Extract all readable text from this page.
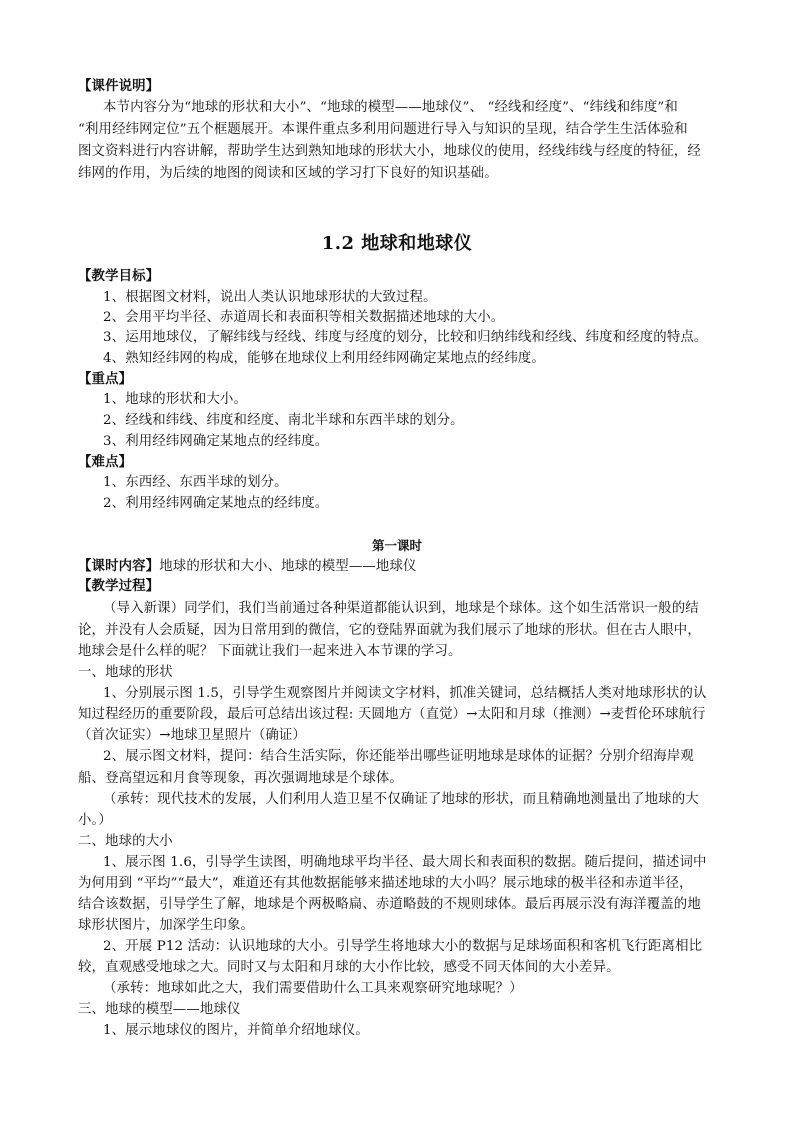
【课件说明】
本节内容分为“地球的形状和大小”、“地球的模型——地球仪”、 “经线和经度”、“纬线和纬度”和
“利用经纬网定位”五个框题展开。本课件重点多利用问题进行导入与知识的呈现，结合学生生活体验和
图文资料进行内容讲解，帮助学生达到熟知地球的形状大小，地球仪的使用，经线纬线与经度的特征，经
纬网的作用，为后续的地图的阅读和区域的学习打下良好的知识基础。
1.2 地球和地球仪
【教学目标】
1、根据图文材料，说出人类认识地球形状的大致过程。
2、会用平均半径、赤道周长和表面积等相关数据描述地球的大小。
3、运用地球仪，了解纬线与经线、纬度与经度的划分，比较和归纳纬线和经线、纬度和经度的特点。
4、熟知经纬网的构成，能够在地球仪上利用经纬网确定某地点的经纬度。
【重点】
1、地球的形状和大小。
2、经线和纬线、纬度和经度、南北半球和东西半球的划分。
3、利用经纬网确定某地点的经纬度。
【难点】
1、东西经、东西半球的划分。
2、利用经纬网确定某地点的经纬度。
第一课时
【课时内容】地球的形状和大小、地球的模型——地球仪
【教学过程】
（导入新课）同学们，我们当前通过各种渠道都能认识到，地球是个球体。这个如生活常识一般的结
论，并没有人会质疑，因为日常用到的微信，它的登陆界面就为我们展示了地球的形状。但在古人眼中，
地球会是什么样的呢？ 下面就让我们一起来进入本节课的学习。
一、地球的形状
1、分别展示图 1.5，引导学生观察图片并阅读文字材料，抓准关键词，总结概括人类对地球形状的认
知过程经历的重要阶段，最后可总结出该过程: 天圆地方（直觉）→太阳和月球（推测）→麦哲伦环球航行
（首次证实）→地球卫星照片（确证）
2、展示图文材料，提问：结合生活实际，你还能举出哪些证明地球是球体的证据？分别介绍海岸观
船、登高望远和月食等现象，再次强调地球是个球体。
（承转：现代技术的发展，人们利用人造卫星不仅确证了地球的形状，而且精确地测量出了地球的大
小。）
二、地球的大小
1、展示图 1.6，引导学生读图，明确地球平均半径、最大周长和表面积的数据。随后提问，描述词中
为何用到 “平均”“最大”，难道还有其他数据能够来描述地球的大小吗？展示地球的极半径和赤道半径，
结合该数据，引导学生了解，地球是个两极略扁、赤道略鼓的不规则球体。最后再展示没有海洋覆盖的地
球形状图片，加深学生印象。
2、开展 P12 活动：认识地球的大小。引导学生将地球大小的数据与足球场面积和客机飞行距离相比
较，直观感受地球之大。同时又与太阳和月球的大小作比较，感受不同天体间的大小差异。
（承转：地球如此之大，我们需要借助什么工具来观察研究地球呢？）
三、地球的模型——地球仪
1、展示地球仪的图片，并简单介绍地球仪。
